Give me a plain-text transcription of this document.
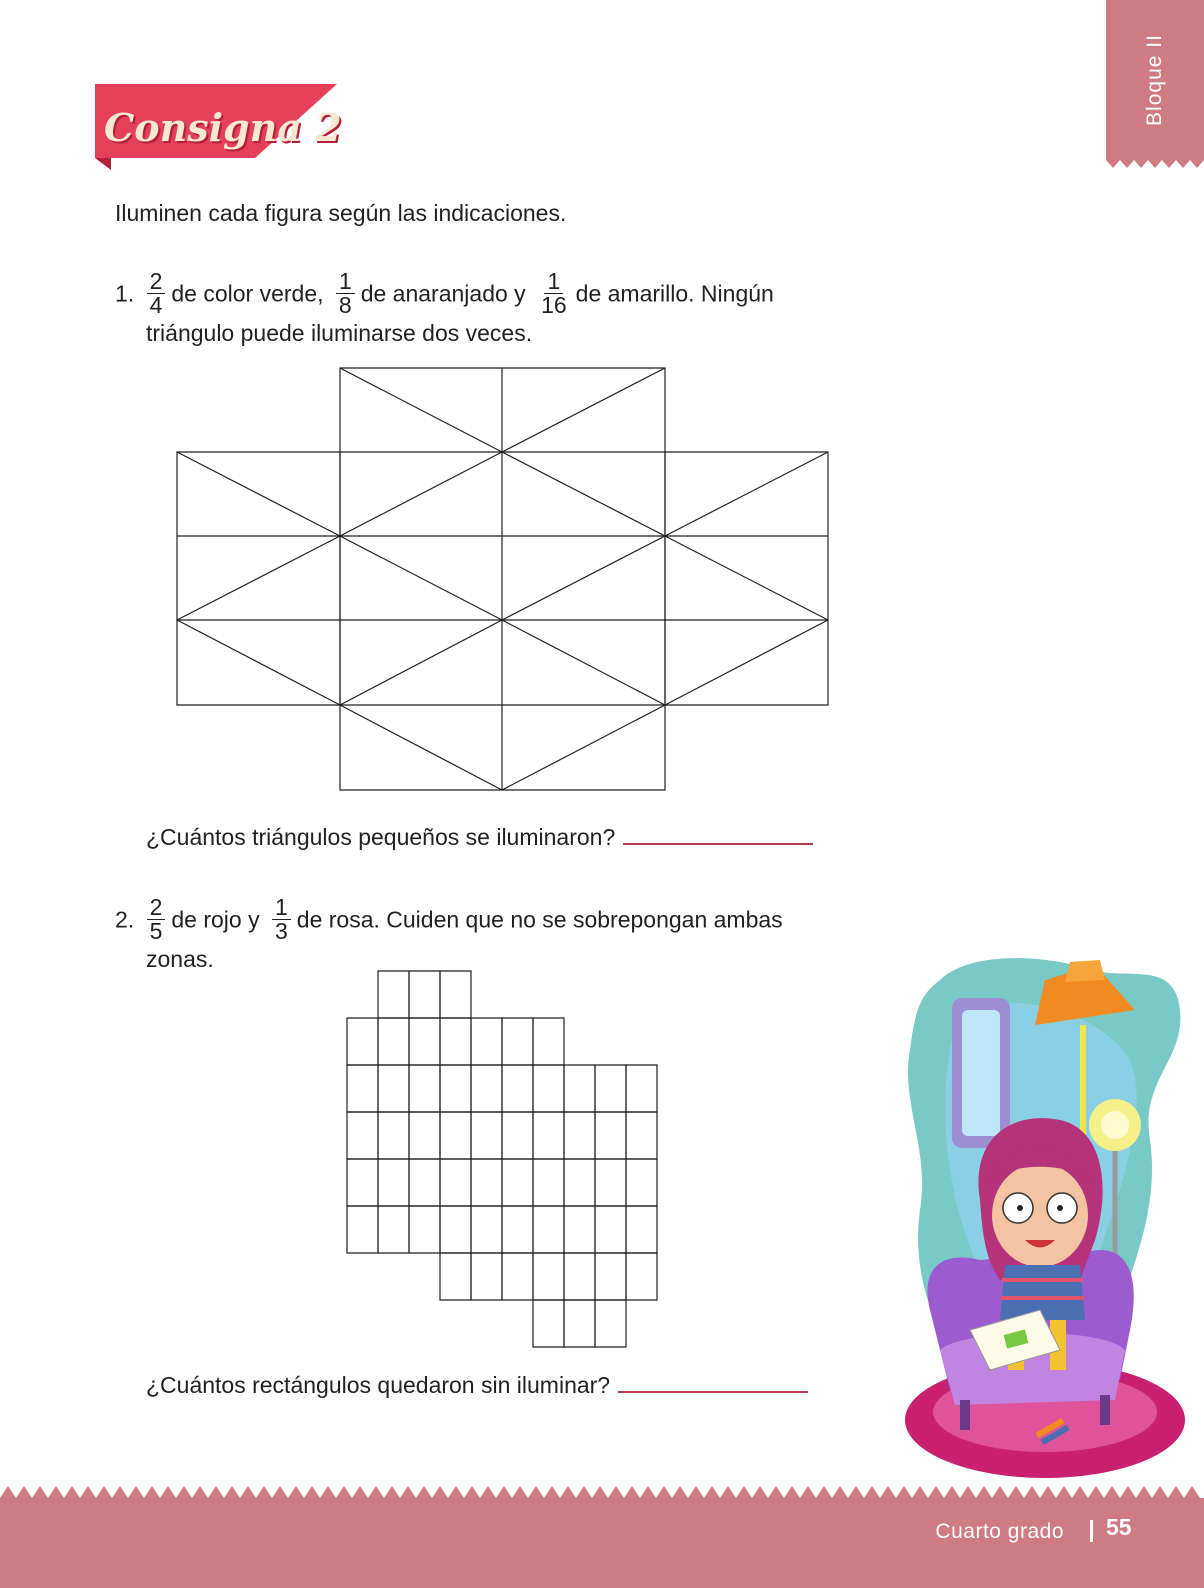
Bloque II
Consigna 2
Iluminen cada figura según las indicaciones.
1. $\frac{2}{4}$ de color verde, $\frac{1}{8}$ de anaranjado y $\frac{1}{16}$ de amarillo. Ningún
triángulo puede iluminarse dos veces.
¿Cuántos triángulos pequeños se iluminaron?
2. $\frac{2}{5}$ de rojo y $\frac{1}{3}$ de rosa. Cuiden que no se sobrepongan ambas
zonas.
¿Cuántos rectángulos quedaron sin iluminar?
Cuarto grado 55
